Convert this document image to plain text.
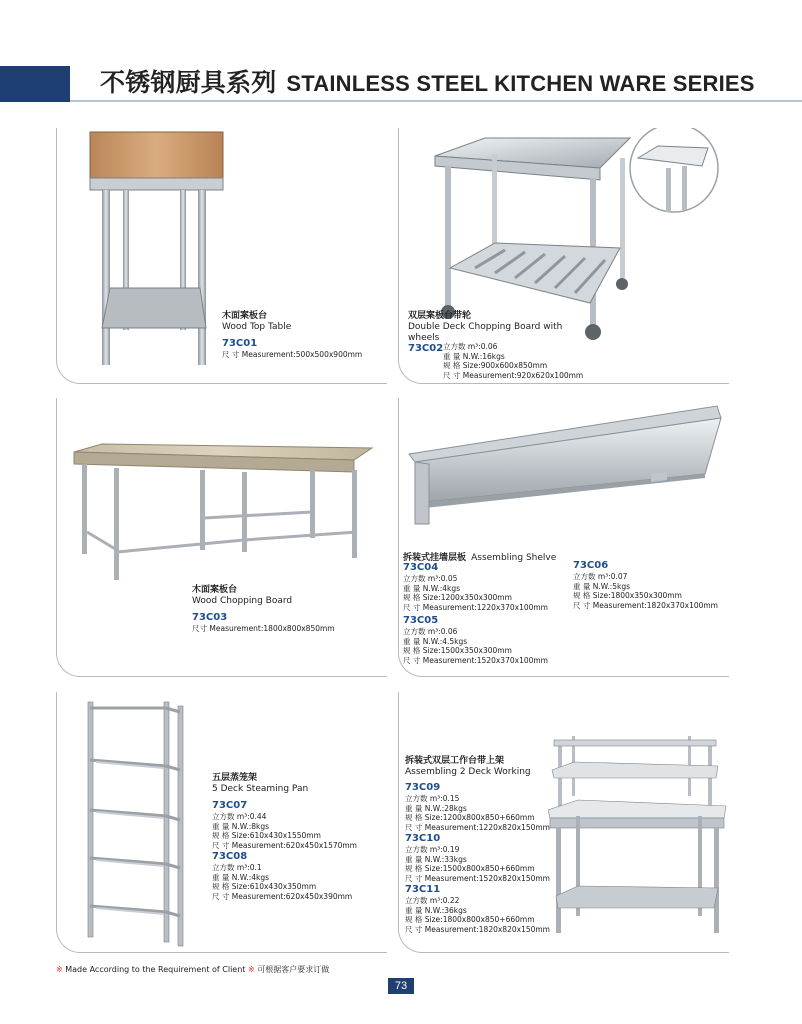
不锈钢厨具系列 STAINLESS STEEL KITCHEN WARE SERIES
木面案板台
Wood Top Table
73C01
尺 寸 Measurement:500x500x900mm
双层案板台带轮
Double Deck Chopping Board with wheels
73C02 立方数 m³:0.06
重 量 N.W.:16kgs
规 格 Size:900x600x850mm
尺 寸 Measurement:920x620x100mm
木面案板台
Wood Chopping Board
73C03
尺寸 Measurement:1800x800x850mm
拆装式挂墙层板 Assembling Shelve
73C04
立方数 m³:0.05
重 量 N.W.:4kgs
规 格 Size:1200x350x300mm
尺 寸 Measurement:1220x370x100mm
73C05
立方数 m³:0.06
重 量 N.W.:4.5kgs
规 格 Size:1500x350x300mm
尺 寸 Measurement:1520x370x100mm
73C06
立方数 m³:0.07
重 量 N.W.:5kgs
规 格 Size:1800x350x300mm
尺 寸 Measurement:1820x370x100mm
五层蒸笼架
5 Deck Steaming Pan
73C07
立方数 m³:0.44
重 量 N.W.:8kgs
规 格 Size:610x430x1550mm
尺 寸 Measurement:620x450x1570mm
73C08
立方数 m³:0.1
重 量 N.W.:4kgs
规 格 Size:610x430x350mm
尺 寸 Measurement:620x450x390mm
拆装式双层工作台带上架
Assembling 2 Deck Working
73C09
立方数 m³:0.15
重 量 N.W.:28kgs
规 格 Size:1200x800x850+660mm
尺 寸 Measurement:1220x820x150mm
73C10
立方数 m³:0.19
重 量 N.W.:33kgs
规 格 Size:1500x800x850+660mm
尺 寸 Measurement:1520x820x150mm
73C11
立方数 m³:0.22
重 量 N.W.:36kgs
规 格 Size:1800x800x850+660mm
尺 寸 Measurement:1820x820x150mm
※ Made According to the Requirement of Client ※ 可根据客户要求订做
73
